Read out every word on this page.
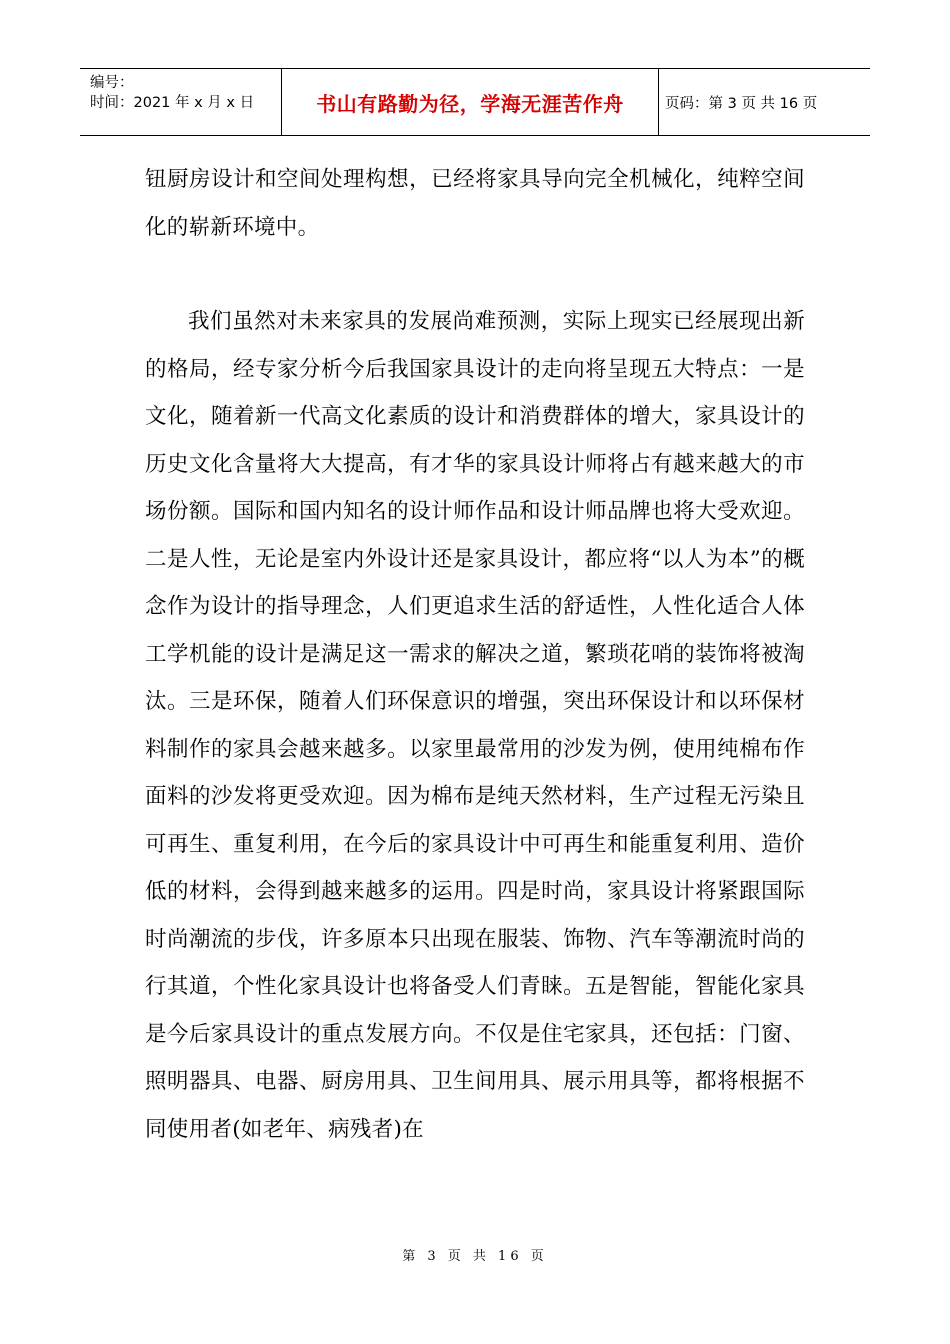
编号：
时间：2021 年 x 月 x 日	书山有路勤为径，学海无涯苦作舟	页码：第 3 页 共 16 页

钮厨房设计和空间处理构想，已经将家具导向完全机械化，纯粹空间化的崭新环境中。

我们虽然对未来家具的发展尚难预测，实际上现实已经展现出新的格局，经专家分析今后我国家具设计的走向将呈现五大特点：一是文化，随着新一代高文化素质的设计和消费群体的增大，家具设计的历史文化含量将大大提高，有才华的家具设计师将占有越来越大的市场份额。国际和国内知名的设计师作品和设计师品牌也将大受欢迎。二是人性，无论是室内外设计还是家具设计，都应将“以人为本”的概念作为设计的指导理念，人们更追求生活的舒适性，人性化适合人体工学机能的设计是满足这一需求的解决之道，繁琐花哨的装饰将被淘汰。三是环保，随着人们环保意识的增强，突出环保设计和以环保材料制作的家具会越来越多。以家里最常用的沙发为例，使用纯棉布作面料的沙发将更受欢迎。因为棉布是纯天然材料，生产过程无污染且可再生、重复利用，在今后的家具设计中可再生和能重复利用、造价低的材料，会得到越来越多的运用。四是时尚，家具设计将紧跟国际时尚潮流的步伐，许多原本只出现在服装、饰物、汽车等潮流时尚的行其道，个性化家具设计也将备受人们青睐。五是智能，智能化家具是今后家具设计的重点发展方向。不仅是住宅家具，还包括：门窗、照明器具、电器、厨房用具、卫生间用具、展示用具等，都将根据不同使用者(如老年、病残者)在

第 3 页 共 16 页
